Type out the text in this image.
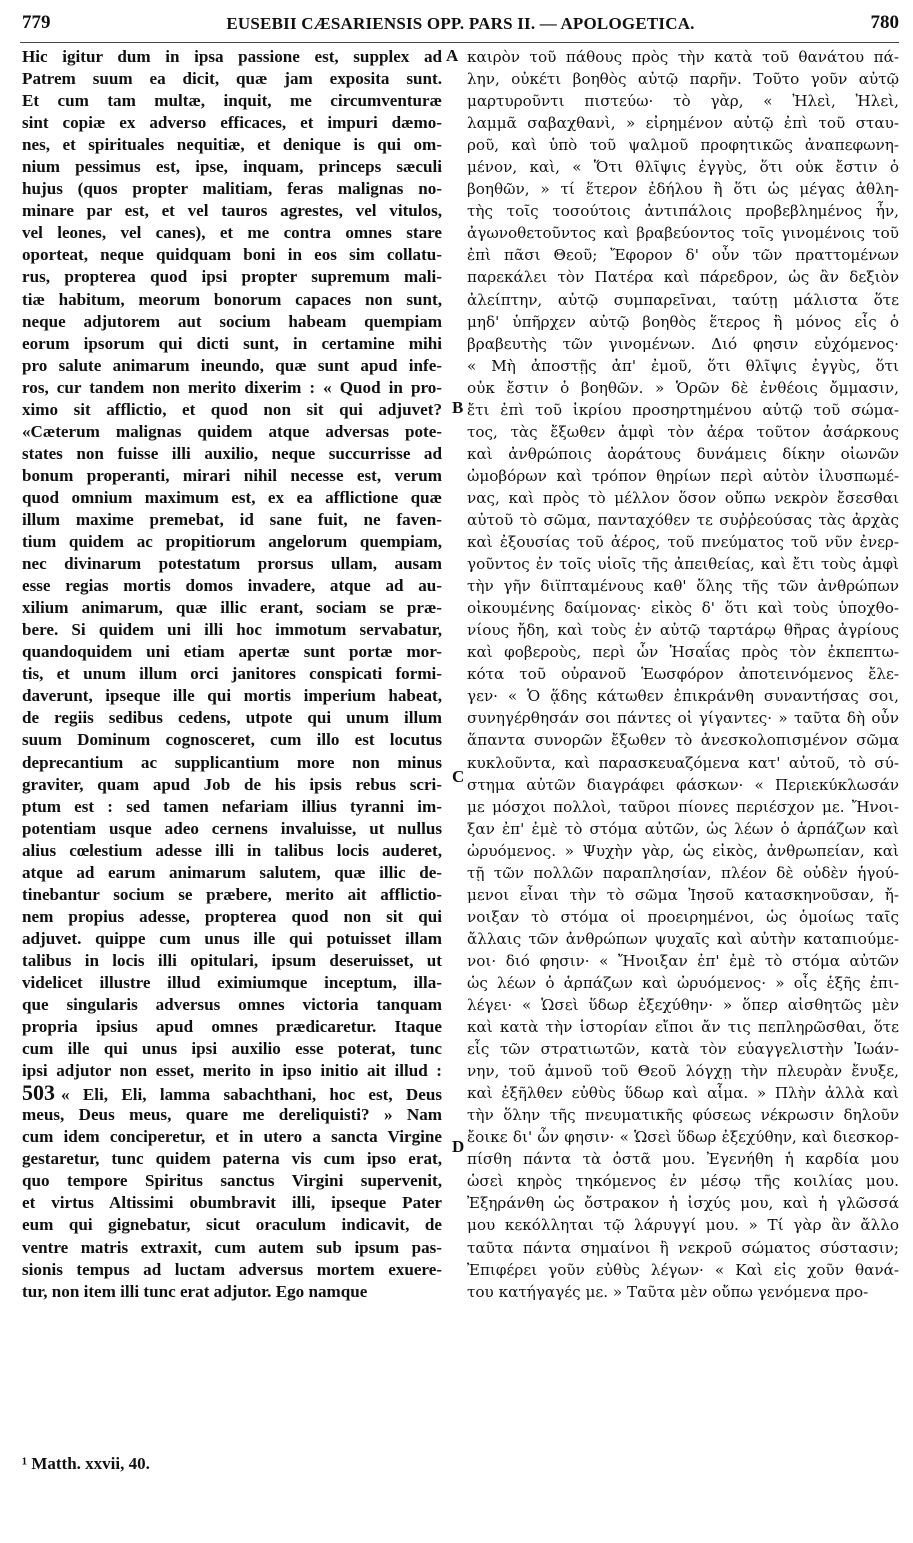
779	EUSEBII CÆSARIENSIS OPP. PARS II. — APOLOGETICA.	780
Hic igitur dum in ipsa passione est, supplex ad
Patrem suum ea dicit, quæ jam exposita sunt.
Et cum tam multæ, inquit, me circumventuræ
sint copiæ ex adverso efficaces, et impuri dæmo-
nes, et spirituales nequitiæ, et denique is qui om-
nium pessimus est, ipse, inquam, princeps sæculi
hujus (quos propter malitiam, feras malignas no-
minare par est, et vel tauros agrestes, vel vitulos,
vel leones, vel canes), et me contra omnes stare
oporteat, neque quidquam boni in eos sim collatu-
rus, propterea quod ipsi propter supremum mali-
tiæ habitum, meorum bonorum capaces non sunt,
neque adjutorem aut socium habeam quempiam
eorum ipsorum qui dicti sunt, in certamine mihi
pro salute animarum ineundo, quæ sunt apud infe-
ros, cur tandem non merito dixerim : « Quod in pro-
ximo sit afflictio, et quod non sit qui adjuvet?
«Cæterum malignas quidem atque adversas pote-
states non fuisse illi auxilio, neque succurrisse ad
bonum properanti, mirari nihil necesse est, verum
quod omnium maximum est, ex ea afflictione quæ
illum maxime premebat, id sane fuit, ne faven-
tium quidem ac propitiorum angelorum quempiam,
nec divinarum potestatum prorsus ullam, ausam
esse regias mortis domos invadere, atque ad au-
xilium animarum, quæ illic erant, sociam se præ-
bere. Si quidem uni illi hoc immotum servabatur,
quandoquidem uni etiam apertæ sunt portæ mor-
tis, et unum illum orci janitores conspicati formi-
daverunt, ipseque ille qui mortis imperium habeat,
de regiis sedibus cedens, utpote qui unum illum
suum Dominum cognosceret, cum illo est locutus
deprecantium ac supplicantium more non minus
graviter, quam apud Job de his ipsis rebus scri-
ptum est : sed tamen nefariam illius tyranni im-
potentiam usque adeo cernens invaluisse, ut nullus
alius cœlestium adesse illi in talibus locis auderet,
atque ad earum animarum salutem, quæ illic de-
tinebantur socium se præbere, merito ait afflictio-
nem propius adesse, propterea quod non sit qui
adjuvet. quippe cum unus ille qui potuisset illam
talibus in locis illi opitulari, ipsum deseruisset, ut
videlicet illustre illud eximiumque inceptum, illa-
que singularis adversus omnes victoria tanquam
propria ipsius apud omnes prædicaretur. Itaque
cum ille qui unus ipsi auxilio esse poterat, tunc
ipsi adjutor non esset, merito in ipso initio ait illud :
503 « Eli, Eli, lamma sabachthani, hoc est, Deus
meus, Deus meus, quare me dereliquisti? » Nam
cum idem conciperetur, et in utero a sancta Virgine
gestaretur, tunc quidem paterna vis cum ipso erat,
quo tempore Spiritus sanctus Virgini supervenit,
et virtus Altissimi obumbravit illi, ipseque Pater
eum qui gignebatur, sicut oraculum indicavit, de
ventre matris extraxit, cum autem sub ipsum pas-
sionis tempus ad luctam adversus mortem exuere-
tur, non item illi tunc erat adjutor. Ego namque
καιρὸν τοῦ πάθους πρὸς τὴν κατὰ τοῦ θανάτου πά-
λην, οὐκέτι βοηθὸς αὐτῷ παρῆν. Τοῦτο γοῦν αὐτῷ
μαρτυροῦντι πιστεύω· τὸ γὰρ, « Ἠλεὶ, Ἠλεὶ,
λαμμᾶ σαβαχθανὶ, » εἰρημένον αὐτῷ ἐπὶ τοῦ σταυ-
ροῦ, καὶ ὑπὸ τοῦ ψαλμοῦ προφητικῶς ἀναπεφωνη-
μένον, καὶ, « Ὅτι θλῖψις ἐγγὺς, ὅτι οὐκ ἔστιν ὁ
βοηθῶν, » τί ἕτερον ἐδήλου ἢ ὅτι ὡς μέγας ἀθλη-
τὴς τοῖς τοσούτοις ἀντιπάλοις προβεβλημένος ἦν,
ἀγωνοθετοῦντος καὶ βραβεύοντος τοῖς γινομένοις τοῦ
ἐπὶ πᾶσι Θεοῦ; Ἔφορον δ' οὖν τῶν πραττομένων
παρεκάλει τὸν Πατέρα καὶ πάρεδρον, ὡς ἂν δεξιὸν
ἀλείπτην, αὐτῷ συμπαρεῖναι, ταύτῃ μάλιστα ὅτε
μηδ' ὑπῆρχεν αὐτῷ βοηθὸς ἕτερος ἢ μόνος εἷς ὁ
βραβευτὴς τῶν γινομένων. Διό φησιν εὐχόμενος·
« Μὴ ἀποστῇς ἀπ' ἐμοῦ, ὅτι θλῖψις ἐγγὺς, ὅτι
οὐκ ἔστιν ὁ βοηθῶν. » Ὁρῶν δὲ ἐνθέοις ὄμμασιν,
ἔτι ἐπὶ τοῦ ἰκρίου προσηρτημένου αὐτῷ τοῦ σώμα-
τος, τὰς ἔξωθεν ἀμφὶ τὸν ἀέρα τοῦτον ἀσάρκους
καὶ ἀνθρώποις ἀοράτους δυνάμεις δίκην οἰωνῶν
ὠμοβόρων καὶ τρόπον θηρίων περὶ αὐτὸν ἰλυσπωμέ-
νας, καὶ πρὸς τὸ μέλλον ὅσον οὔπω νεκρὸν ἔσεσθαι
αὐτοῦ τὸ σῶμα, πανταχόθεν τε συῤῥεούσας τὰς ἀρχὰς
καὶ ἐξουσίας τοῦ ἀέρος, τοῦ πνεύματος τοῦ νῦν ἐνερ-
γοῦντος ἐν τοῖς υἱοῖς τῆς ἀπειθείας, καὶ ἔτι τοὺς ἀμφὶ
τὴν γῆν διϊπταμένους καθ' ὅλης τῆς τῶν ἀνθρώπων
οἰκουμένης δαίμονας· εἰκὸς δ' ὅτι καὶ τοὺς ὑποχθο-
νίους ἤδη, καὶ τοὺς ἐν αὐτῷ ταρτάρῳ θῆρας ἀγρίους
καὶ φοβεροὺς, περὶ ὧν Ἡσαΐας πρὸς τὸν ἐκπεπτω-
κότα τοῦ οὐρανοῦ Ἑωσφόρον ἀποτεινόμενος ἔλε-
γεν· « Ὁ ᾅδης κάτωθεν ἐπικράνθη συναντήσας σοι,
συνηγέρθησάν σοι πάντες οἱ γίγαντες· » ταῦτα δὴ οὖν
ἅπαντα συνορῶν ἔξωθεν τὸ ἀνεσκολοπισμένον σῶμα
κυκλοῦντα, καὶ παρασκευαζόμενα κατ' αὐτοῦ, τὸ σύ-
στημα αὐτῶν διαγράφει φάσκων· « Περιεκύκλωσάν
με μόσχοι πολλοὶ, ταῦροι πίονες περιέσχον με. Ἤνοι-
ξαν ἐπ' ἐμὲ τὸ στόμα αὐτῶν, ὡς λέων ὁ ἁρπάζων καὶ
ὠρυόμενος. » Ψυχὴν γὰρ, ὡς εἰκὸς, ἀνθρωπείαν, καὶ
τῇ τῶν πολλῶν παραπλησίαν, πλέον δὲ οὐδὲν ἡγού-
μενοι εἶναι τὴν τὸ σῶμα Ἰησοῦ κατασκηνοῦσαν, ἤ-
νοιξαν τὸ στόμα οἱ προειρημένοι, ὡς ὁμοίως ταῖς
ἄλλαις τῶν ἀνθρώπων ψυχαῖς καὶ αὐτὴν καταπιούμε-
νοι· διό φησιν· « Ἤνοιξαν ἐπ' ἐμὲ τὸ στόμα αὐτῶν
ὡς λέων ὁ ἁρπάζων καὶ ὠρυόμενος· » οἷς ἑξῆς ἐπι-
λέγει· « Ὡσεὶ ὕδωρ ἐξεχύθην· » ὅπερ αἰσθητῶς μὲν
καὶ κατὰ τὴν ἱστορίαν εἴποι ἄν τις πεπληρῶσθαι, ὅτε
εἷς τῶν στρατιωτῶν, κατὰ τὸν εὐαγγελιστὴν Ἰωάν-
νην, τοῦ ἀμνοῦ τοῦ Θεοῦ λόγχῃ τὴν πλευρὰν ἔνυξε,
καὶ ἐξῆλθεν εὐθὺς ὕδωρ καὶ αἷμα. » Πλὴν ἀλλὰ καὶ
τὴν ὅλην τῆς πνευματικῆς φύσεως νέκρωσιν δηλοῦν
ἔοικε δι' ὧν φησιν· « Ὡσεὶ ὕδωρ ἐξεχύθην, καὶ διεσκορ-
πίσθη πάντα τὰ ὀστᾶ μου. Ἐγενήθη ἡ καρδία μου
ὡσεὶ κηρὸς τηκόμενος ἐν μέσῳ τῆς κοιλίας μου.
Ἐξηράνθη ὡς ὄστρακον ἡ ἰσχύς μου, καὶ ἡ γλῶσσά
μου κεκόλληται τῷ λάρυγγί μου. » Τί γὰρ ἂν ἄλλο
ταῦτα πάντα σημαίνοι ἢ νεκροῦ σώματος σύστασιν;
Ἐπιφέρει γοῦν εὐθὺς λέγων· « Καὶ εἰς χοῦν θανά-
του κατήγαγές με. » Ταῦτα μὲν οὔπω γενόμενα προ-
A
B
C
D
¹ Matth. xxvii, 40.
